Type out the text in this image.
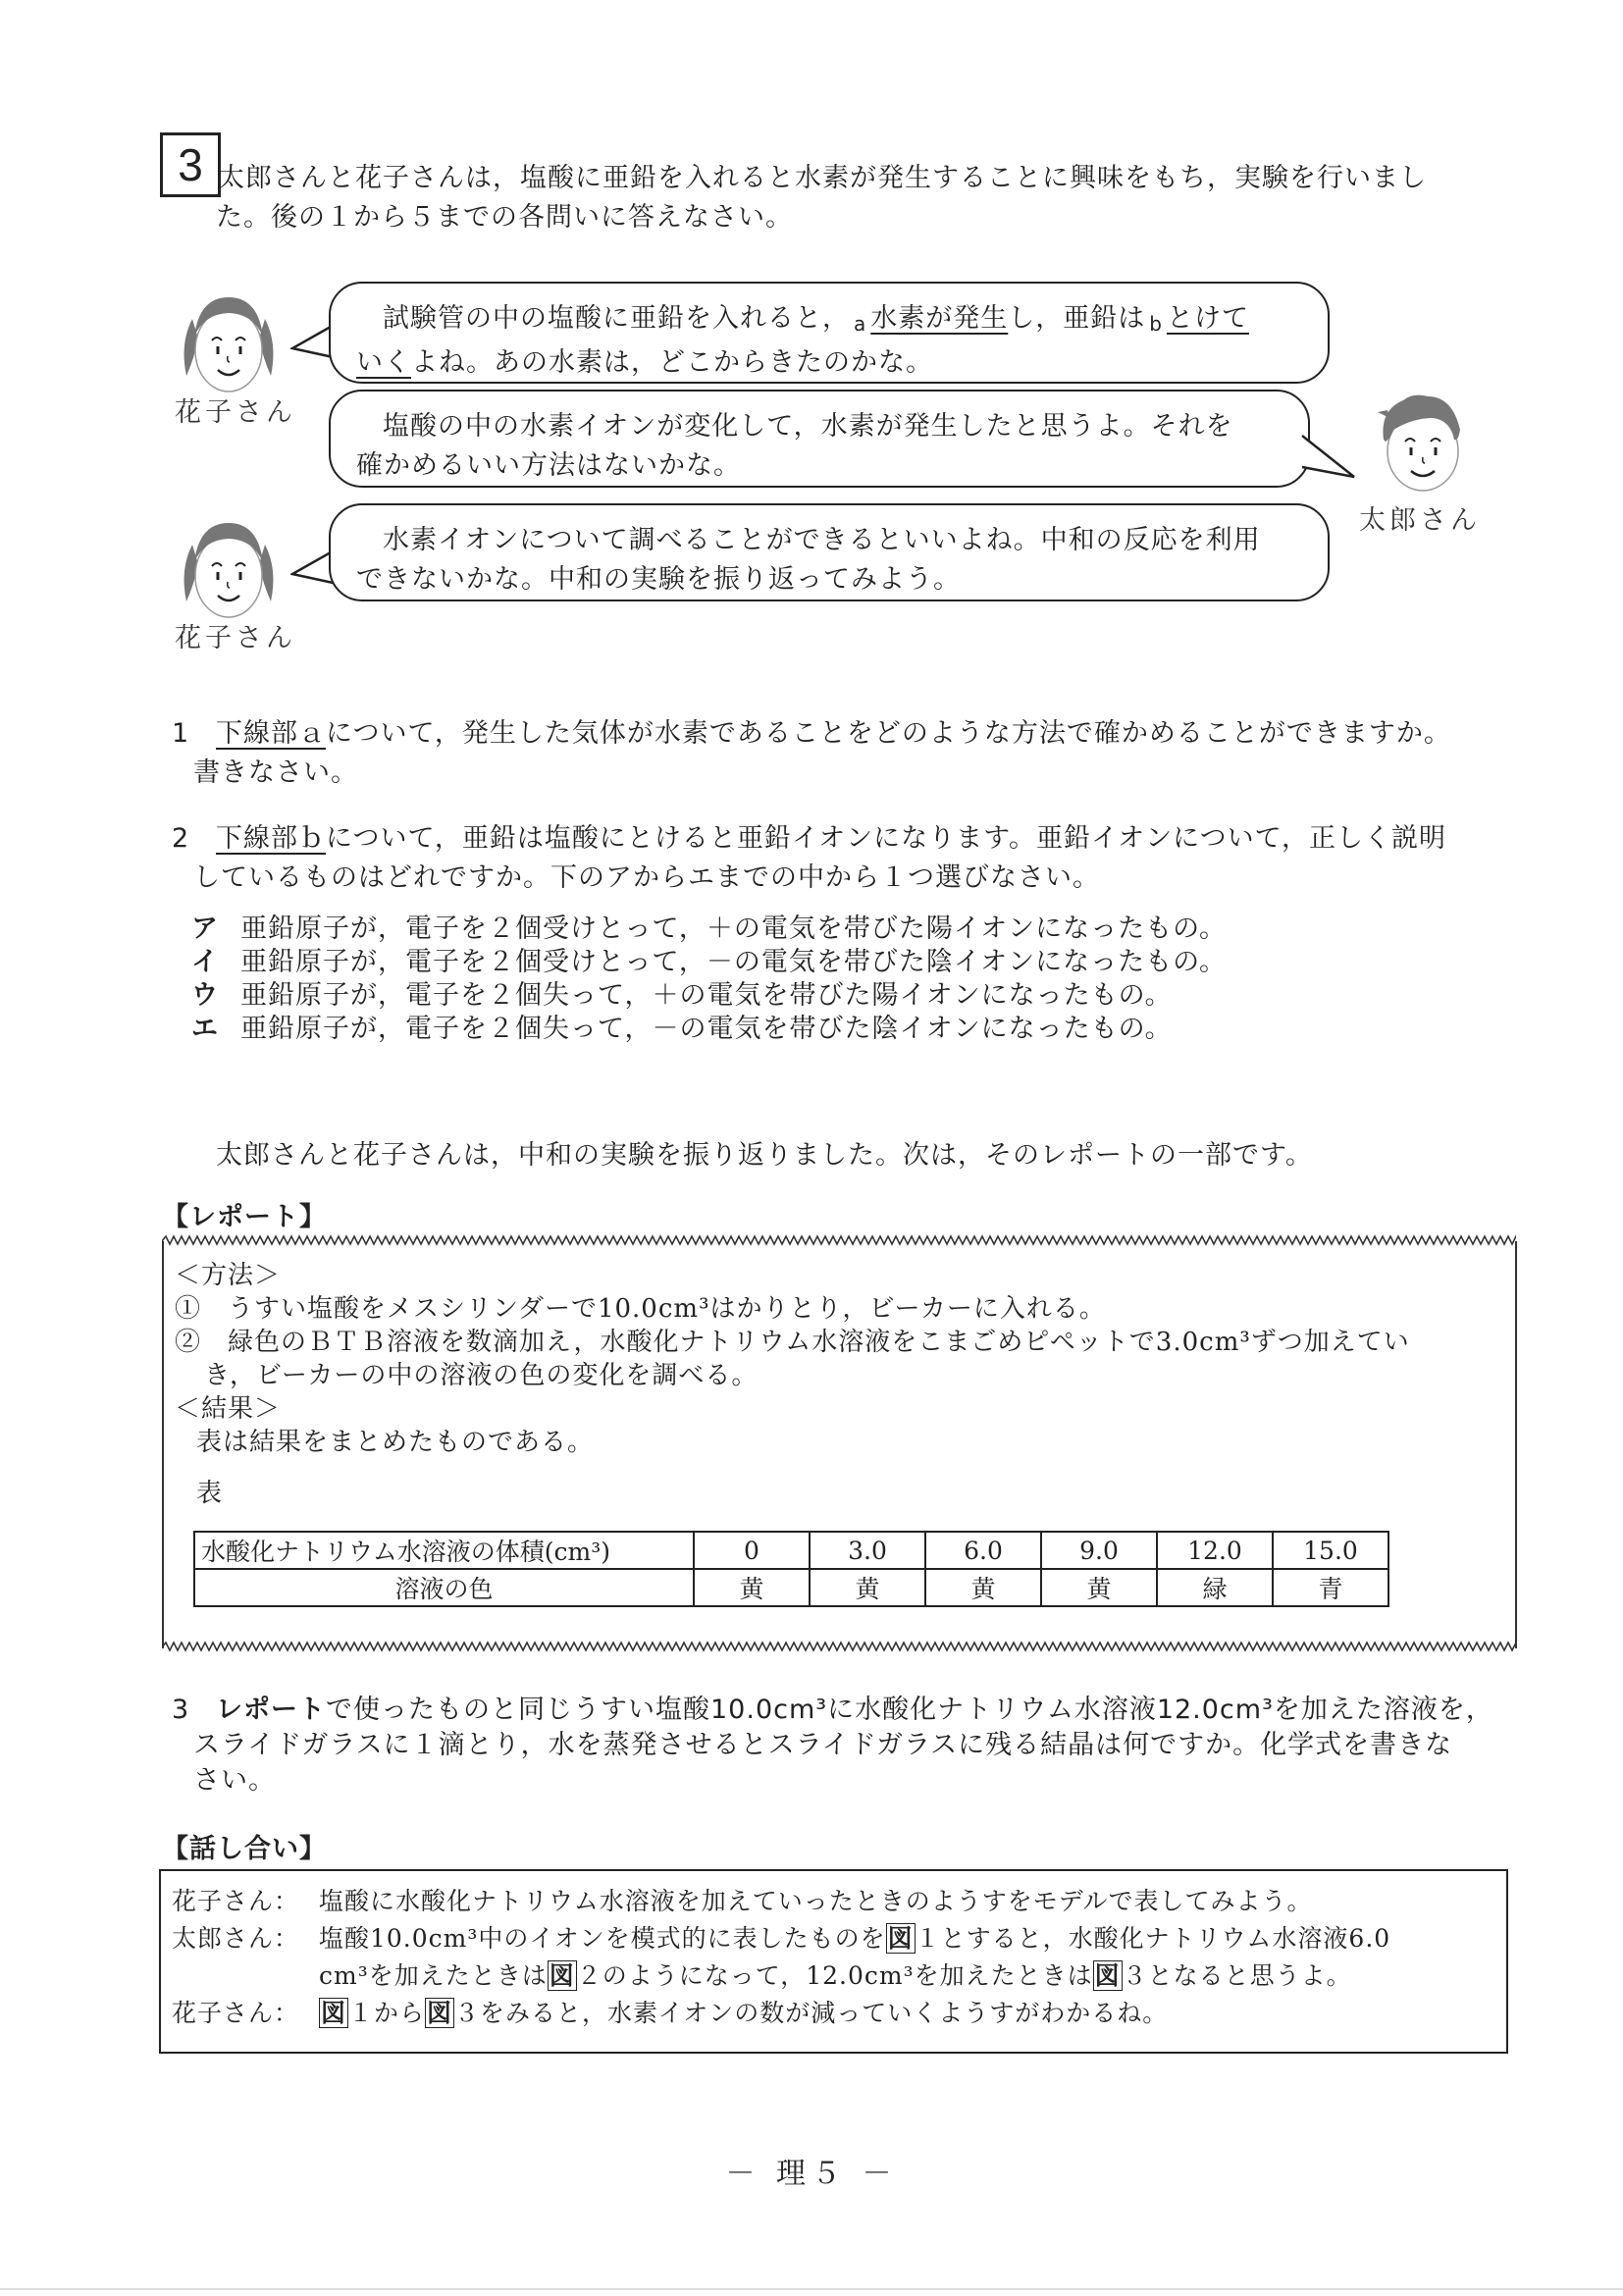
3 太郎さんと花子さんは，塩酸に亜鉛を入れると水素が発生することに興味をもち，実験を行いまし
た。後の１から５までの各問いに答えなさい。
花子さん
試験管の中の塩酸に亜鉛を入れると， $_a$ 水素が発生し，亜鉛は $_b$ とけて
いくよね。あの水素は，どこからきたのかな。
塩酸の中の水素イオンが変化して，水素が発生したと思うよ。それを
確かめるいい方法はないかな。
太郎さん
花子さん
水素イオンについて調べることができるといいよね。中和の反応を利用
できないかな。中和の実験を振り返ってみよう。
1 下線部ａについて，発生した気体が水素であることをどのような方法で確かめることができますか。
書きなさい。
2 下線部ｂについて，亜鉛は塩酸にとけると亜鉛イオンになります。亜鉛イオンについて，正しく説明
しているものはどれですか。下のアからエまでの中から１つ選びなさい。
ア 亜鉛原子が，電子を２個受けとって，＋の電気を帯びた陽イオンになったもの。
イ 亜鉛原子が，電子を２個受けとって，－の電気を帯びた陰イオンになったもの。
ウ 亜鉛原子が，電子を２個失って，＋の電気を帯びた陽イオンになったもの。
エ 亜鉛原子が，電子を２個失って，－の電気を帯びた陰イオンになったもの。
太郎さんと花子さんは，中和の実験を振り返りました。次は，そのレポートの一部です。
【レポート】
＜方法＞
①　うすい塩酸をメスシリンダーで10.0cm³はかりとり，ビーカーに入れる。
②　緑色のＢＴＢ溶液を数滴加え，水酸化ナトリウム水溶液をこまごめピペットで3.0cm³ずつ加えてい
き，ビーカーの中の溶液の色の変化を調べる。
＜結果＞
表は結果をまとめたものである。
表
水酸化ナトリウム水溶液の体積(cm³)	0	3.0	6.0	9.0	12.0	15.0
溶液の色	黄	黄	黄	黄	緑	青
3 レポートで使ったものと同じうすい塩酸10.0cm³に水酸化ナトリウム水溶液12.0cm³を加えた溶液を，
スライドガラスに１滴とり，水を蒸発させるとスライドガラスに残る結晶は何ですか。化学式を書きな
さい。
【話し合い】
花子さん： 塩酸に水酸化ナトリウム水溶液を加えていったときのようすをモデルで表してみよう。
太郎さん： 塩酸10.0cm³中のイオンを模式的に表したものを図１とすると，水酸化ナトリウム水溶液6.0
cm³を加えたときは図２のようになって，12.0cm³を加えたときは図３となると思うよ。
花子さん： 図１から図３をみると，水素イオンの数が減っていくようすがわかるね。
－ 理５ －
